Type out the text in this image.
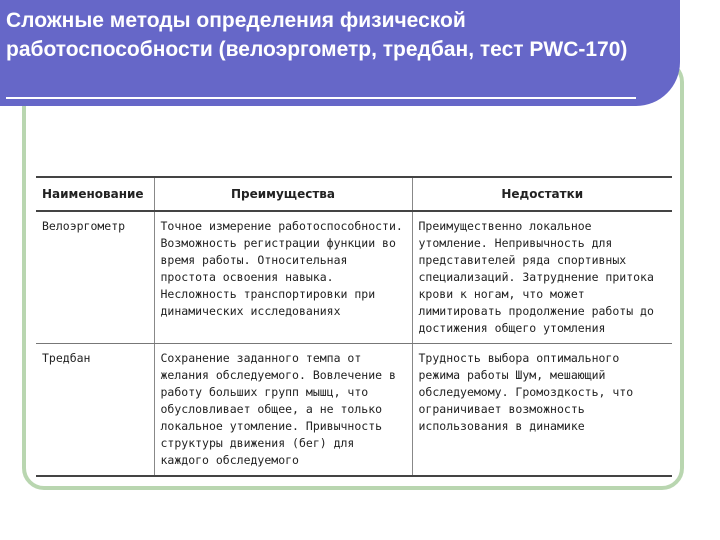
Сложные методы определения физической работоспособности (велоэргометр, тредбан, тест PWC-170)
Наименование	Преимущества	Недостатки
Велоэргометр	Точное измерение работоспособности. Возможность регистрации функции во время работы. Относительная простота освоения навыка. Несложность транспортировки при динамических исследованиях	Преимущественно локальное утомление. Непривычность для представителей ряда спортивных специализаций. Затруднение притока крови к ногам, что может лимитировать продолжение работы до достижения общего утомления
Тредбан	Сохранение заданного темпа от желания обследуемого. Вовлечение в работу больших групп мышц, что обусловливает общее, а не только локальное утомление. Привычность структуры движения (бег) для каждого обследуемого	Трудность выбора оптимального режима работы Шум, мешающий обследуемому. Громоздкость, что ограничивает возможность использования в динамике
